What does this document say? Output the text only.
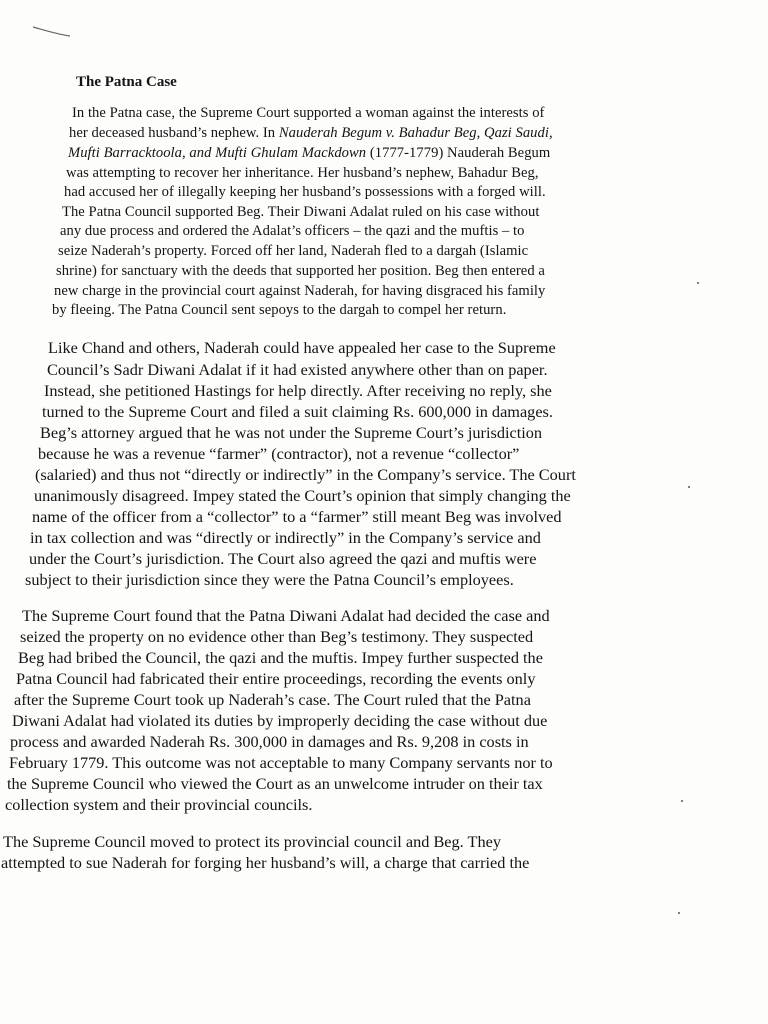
The Patna Case
In the Patna case, the Supreme Court supported a woman against the interests of
her deceased husband’s nephew. In Nauderah Begum v. Bahadur Beg, Qazi Saudi,
Mufti Barracktoola, and Mufti Ghulam Mackdown (1777-1779) Nauderah Begum
was attempting to recover her inheritance. Her husband’s nephew, Bahadur Beg,
had accused her of illegally keeping her husband’s possessions with a forged will.
The Patna Council supported Beg. Their Diwani Adalat ruled on his case without
any due process and ordered the Adalat’s officers – the qazi and the muftis – to
seize Naderah’s property. Forced off her land, Naderah fled to a dargah (Islamic
shrine) for sanctuary with the deeds that supported her position. Beg then entered a
new charge in the provincial court against Naderah, for having disgraced his family
by fleeing. The Patna Council sent sepoys to the dargah to compel her return.
Like Chand and others, Naderah could have appealed her case to the Supreme
Council’s Sadr Diwani Adalat if it had existed anywhere other than on paper.
Instead, she petitioned Hastings for help directly. After receiving no reply, she
turned to the Supreme Court and filed a suit claiming Rs. 600,000 in damages.
Beg’s attorney argued that he was not under the Supreme Court’s jurisdiction
because he was a revenue “farmer” (contractor), not a revenue “collector”
(salaried) and thus not “directly or indirectly” in the Company’s service. The Court
unanimously disagreed. Impey stated the Court’s opinion that simply changing the
name of the officer from a “collector” to a “farmer” still meant Beg was involved
in tax collection and was “directly or indirectly” in the Company’s service and
under the Court’s jurisdiction. The Court also agreed the qazi and muftis were
subject to their jurisdiction since they were the Patna Council’s employees.
The Supreme Court found that the Patna Diwani Adalat had decided the case and
seized the property on no evidence other than Beg’s testimony. They suspected
Beg had bribed the Council, the qazi and the muftis. Impey further suspected the
Patna Council had fabricated their entire proceedings, recording the events only
after the Supreme Court took up Naderah’s case. The Court ruled that the Patna
Diwani Adalat had violated its duties by improperly deciding the case without due
process and awarded Naderah Rs. 300,000 in damages and Rs. 9,208 in costs in
February 1779. This outcome was not acceptable to many Company servants nor to
the Supreme Council who viewed the Court as an unwelcome intruder on their tax
collection system and their provincial councils.
The Supreme Council moved to protect its provincial council and Beg. They
attempted to sue Naderah for forging her husband’s will, a charge that carried the
